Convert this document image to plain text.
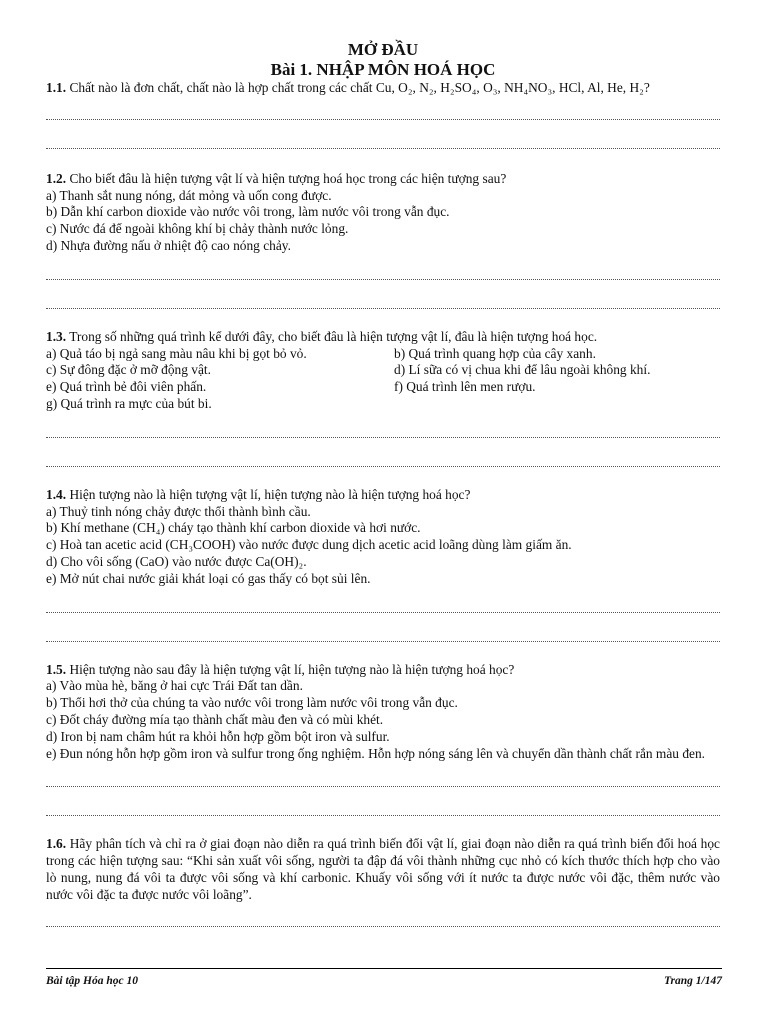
MỞ ĐẦU
Bài 1. NHẬP MÔN HOÁ HỌC
1.1. Chất nào là đơn chất, chất nào là hợp chất trong các chất Cu, O₂, N₂, H₂SO₄, O₃, NH₄NO₃, HCl, Al, He, H₂?
1.2. Cho biết đâu là hiện tượng vật lí và hiện tượng hoá học trong các hiện tượng sau?
a) Thanh sắt nung nóng, dát mỏng và uốn cong được.
b) Dẫn khí carbon dioxide vào nước vôi trong, làm nước vôi trong vẫn đục.
c) Nước đá để ngoài không khí bị chảy thành nước lỏng.
d) Nhựa đường nấu ở nhiệt độ cao nóng chảy.
1.3. Trong số những quá trình kể dưới đây, cho biết đâu là hiện tượng vật lí, đâu là hiện tượng hoá học.
a) Quả táo bị ngả sang màu nâu khi bị gọt bỏ vỏ.	b) Quá trình quang hợp của cây xanh.
c) Sự đông đặc ở mỡ động vật.	d) Lí sữa có vị chua khi để lâu ngoài không khí.
e) Quá trình bẻ đôi viên phấn.	f) Quá trình lên men rượu.
g) Quá trình ra mực của bút bi.
1.4. Hiện tượng nào là hiện tượng vật lí, hiện tượng nào là hiện tượng hoá học?
a) Thuỷ tinh nóng chảy được thổi thành bình cầu.
b) Khí methane (CH₄) cháy tạo thành khí carbon dioxide và hơi nước.
c) Hoà tan acetic acid (CH₃COOH) vào nước được dung dịch acetic acid loãng dùng làm giấm ăn.
d) Cho vôi sống (CaO) vào nước được Ca(OH)₂.
e) Mở nút chai nước giải khát loại có gas thấy có bọt sủi lên.
1.5. Hiện tượng nào sau đây là hiện tượng vật lí, hiện tượng nào là hiện tượng hoá học?
a) Vào mùa hè, băng ở hai cực Trái Đất tan dần.
b) Thổi hơi thở của chúng ta vào nước vôi trong làm nước vôi trong vẫn đục.
c) Đốt cháy đường mía tạo thành chất màu đen và có mùi khét.
d) Iron bị nam châm hút ra khỏi hỗn hợp gồm bột iron và sulfur.
e) Đun nóng hỗn hợp gồm iron và sulfur trong ống nghiệm. Hỗn hợp nóng sáng lên và chuyển dần thành chất rắn màu đen.
1.6. Hãy phân tích và chỉ ra ở giai đoạn nào diễn ra quá trình biến đổi vật lí, giai đoạn nào diễn ra quá trình biến đổi hoá học trong các hiện tượng sau: “Khi sản xuất vôi sống, người ta đập đá vôi thành những cục nhỏ có kích thước thích hợp cho vào lò nung, nung đá vôi ta được vôi sống và khí carbonic. Khuấy vôi sống với ít nước ta được nước vôi đặc, thêm nước vào nước vôi đặc ta được nước vôi loãng”.
Bài tập Hóa học 10	Trang 1/147
